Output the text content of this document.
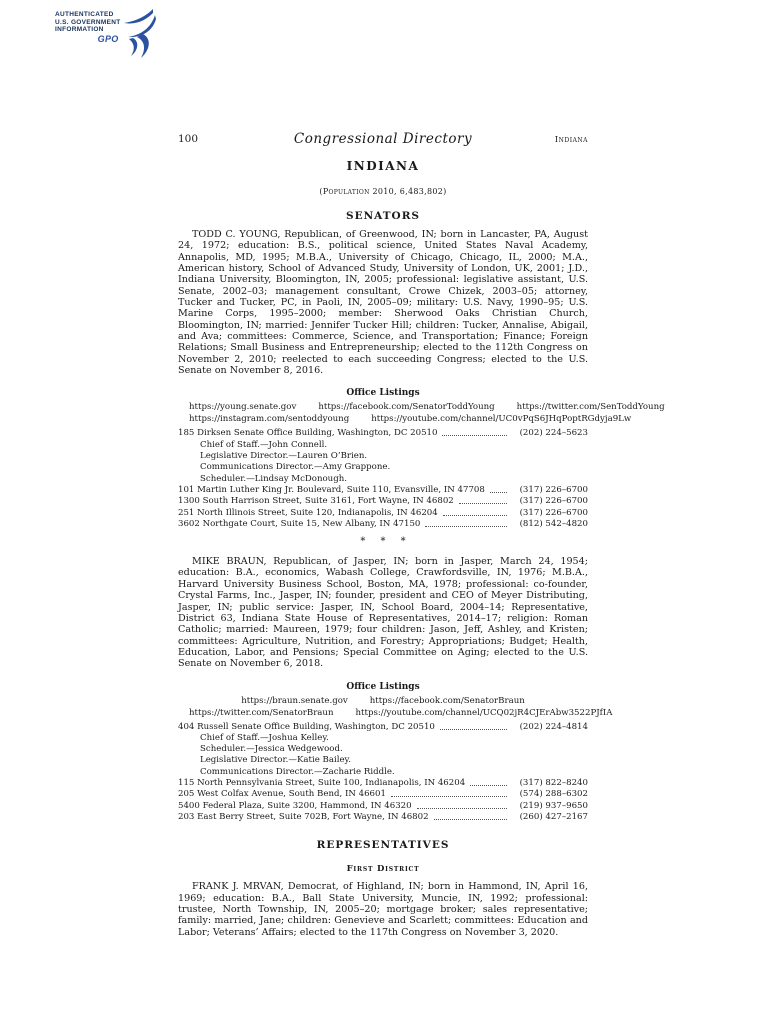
AUTHENTICATED
U.S. GOVERNMENT
INFORMATION
GPO
100	Congressional Directory	Indiana
INDIANA
(Population 2010, 6,483,802)
SENATORS

TODD C. YOUNG, Republican, of Greenwood, IN; born in Lancaster, PA, August 24, 1972; education: B.S., political science, United States Naval Academy, Annapolis, MD, 1995; M.B.A., University of Chicago, Chicago, IL, 2000; M.A., American history, School of Advanced Study, University of London, UK, 2001; J.D., Indiana University, Bloomington, IN, 2005; professional: legislative assistant, U.S. Senate, 2002–03; management consultant, Crowe Chizek, 2003–05; attorney, Tucker and Tucker, PC, in Paoli, IN, 2005–09; military: U.S. Navy, 1990–95; U.S. Marine Corps, 1995–2000; member: Sherwood Oaks Christian Church, Bloomington, IN; married: Jennifer Tucker Hill; children: Tucker, Annalise, Abigail, and Ava; committees: Commerce, Science, and Transportation; Finance; Foreign Relations; Small Business and Entrepreneurship; elected to the 112th Congress on November 2, 2010; reelected to each succeeding Congress; elected to the U.S. Senate on November 8, 2016.

Office Listings
https://young.senate.gov	https://facebook.com/SenatorToddYoung	https://twitter.com/SenToddYoung
https://instagram.com/sentoddyoung	https://youtube.com/channel/UC0vPqS6JHqPoptRGdyja9Lw
185 Dirksen Senate Office Building, Washington, DC 20510	(202) 224–5623
Chief of Staff.—John Connell.
Legislative Director.—Lauren O’Brien.
Communications Director.—Amy Grappone.
Scheduler.—Lindsay McDonough.
101 Martin Luther King Jr. Boulevard, Suite 110, Evansville, IN 47708	(317) 226–6700
1300 South Harrison Street, Suite 3161, Fort Wayne, IN 46802	(317) 226–6700
251 North Illinois Street, Suite 120, Indianapolis, IN 46204	(317) 226–6700
3602 Northgate Court, Suite 15, New Albany, IN 47150	(812) 542–4820
* * *

MIKE BRAUN, Republican, of Jasper, IN; born in Jasper, March 24, 1954; education: B.A., economics, Wabash College, Crawfordsville, IN, 1976; M.B.A., Harvard University Business School, Boston, MA, 1978; professional: co-founder, Crystal Farms, Inc., Jasper, IN; founder, president and CEO of Meyer Distributing, Jasper, IN; public service: Jasper, IN, School Board, 2004–14; Representative, District 63, Indiana State House of Representatives, 2014–17; religion: Roman Catholic; married: Maureen, 1979; four children: Jason, Jeff, Ashley, and Kristen; committees: Agriculture, Nutrition, and Forestry; Appropriations; Budget; Health, Education, Labor, and Pensions; Special Committee on Aging; elected to the U.S. Senate on November 6, 2018.

Office Listings
https://braun.senate.gov	https://facebook.com/SenatorBraun
https://twitter.com/SenatorBraun	https://youtube.com/channel/UCQ02jR4CJErAbw3522PJfIA
404 Russell Senate Office Building, Washington, DC 20510	(202) 224–4814
Chief of Staff.—Joshua Kelley.
Scheduler.—Jessica Wedgewood.
Legislative Director.—Katie Bailey.
Communications Director.—Zacharie Riddle.
115 North Pennsylvania Street, Suite 100, Indianapolis, IN 46204	(317) 822–8240
205 West Colfax Avenue, South Bend, IN 46601	(574) 288–6302
5400 Federal Plaza, Suite 3200, Hammond, IN 46320	(219) 937–9650
203 East Berry Street, Suite 702B, Fort Wayne, IN 46802	(260) 427–2167
REPRESENTATIVES
First District

FRANK J. MRVAN, Democrat, of Highland, IN; born in Hammond, IN, April 16, 1969; education: B.A., Ball State University, Muncie, IN, 1992; professional: trustee, North Township, IN, 2005–20; mortgage broker; sales representative; family: married, Jane; children: Genevieve and Scarlett; committees: Education and Labor; Veterans’ Affairs; elected to the 117th Congress on November 3, 2020.
